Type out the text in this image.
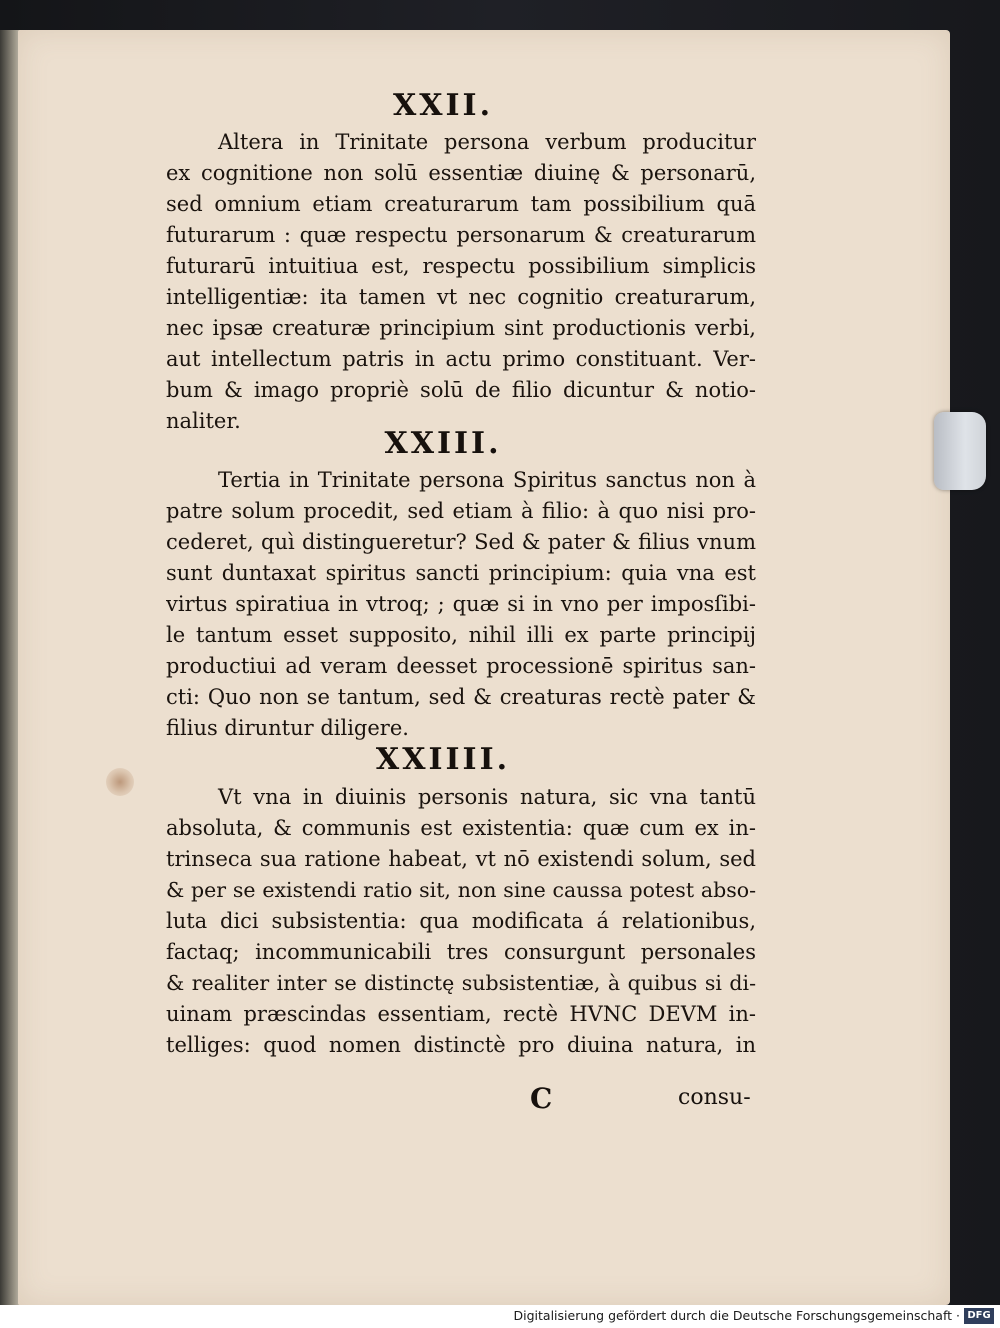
XXII.
Altera in Trinitate persona verbum producitur
ex cognitione non solū essentiæ diuinę & personarū,
sed omnium etiam creaturarum tam possibilium quā
futurarum : quæ respectu personarum & creaturarum
futurarū intuitiua est, respectu possibilium simplicis
intelligentiæ: ita tamen vt nec cognitio creaturarum,
nec ipsæ creaturæ principium sint productionis verbi,
aut intellectum patris in actu primo constituant. Ver-
bum & imago propriè solū de filio dicuntur & notio-
naliter.
XXIII.
Tertia in Trinitate persona Spiritus sanctus non à
patre solum procedit, sed etiam à filio: à quo nisi pro-
cederet, quì distingueretur? Sed & pater & filius vnum
sunt duntaxat spiritus sancti principium: quia vna est
virtus spiratiua in vtroq; ; quæ si in vno per imposſibi-
le tantum esset supposito, nihil illi ex parte principij
productiui ad veram deesset processionē spiritus san-
cti: Quo non se tantum, sed & creaturas rectè pater &
filius diruntur diligere.
XXIIII.
Vt vna in diuinis personis natura, sic vna tantū
absoluta, & communis est existentia: quæ cum ex in-
trinseca sua ratione habeat, vt nō existendi solum, sed
& per se existendi ratio sit, non sine caussa potest abso-
luta dici subsistentia: qua modificata á relationibus,
factaq; incommunicabili tres consurgunt personales
& realiter inter se distinctę subsistentiæ, à quibus si di-
uinam præscindas essentiam, rectè HVNC DEVM in-
telliges: quod nomen distinctè pro diuina natura, in
C	consu-
Digitalisierung gefördert durch die Deutsche Forschungsgemeinschaft · DFG
